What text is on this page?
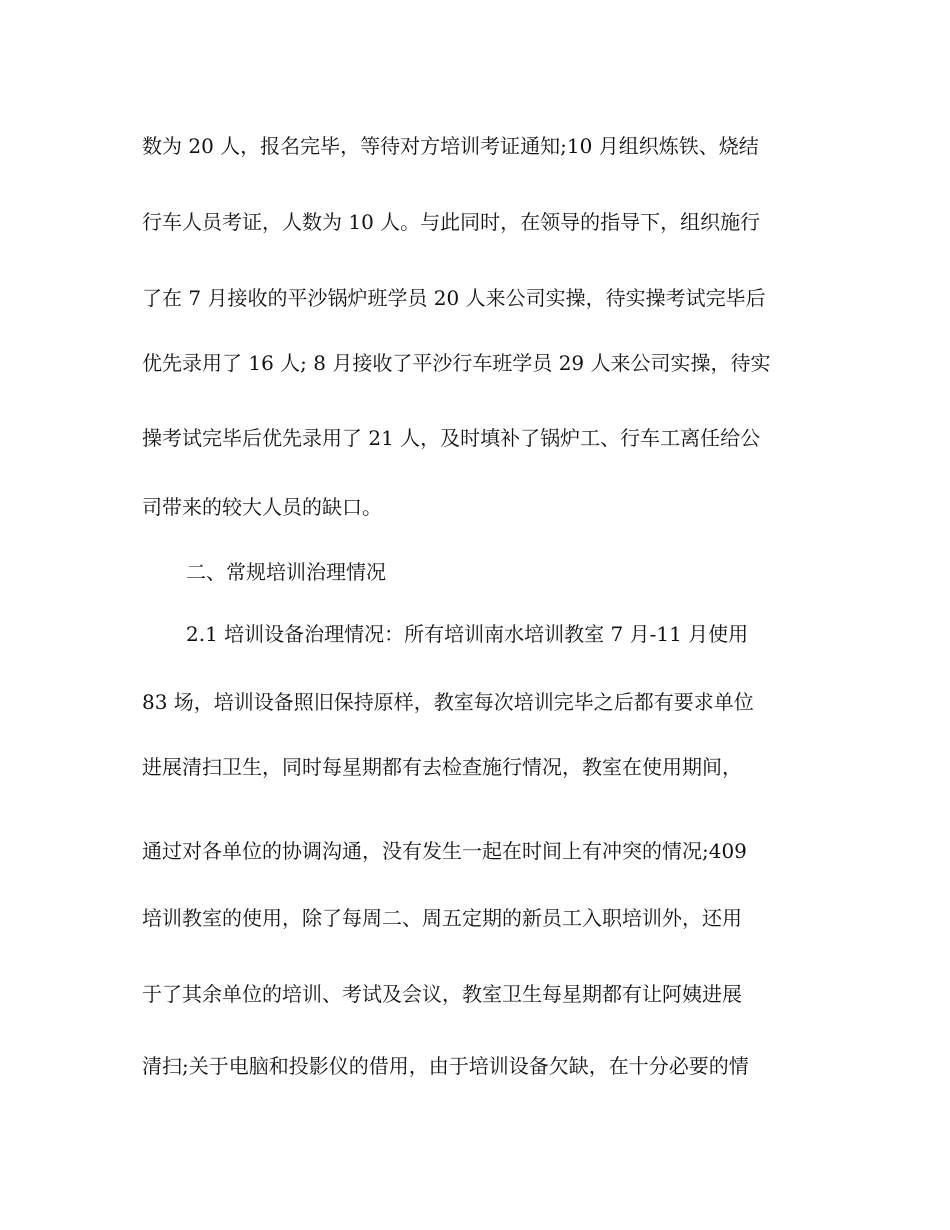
数为 20 人，报名完毕，等待对方培训考证通知;10 月组织炼铁、烧结
行车人员考证，人数为 10 人。与此同时，在领导的指导下，组织施行
了在 7 月接收的平沙锅炉班学员 20 人来公司实操，待实操考试完毕后
优先录用了 16 人; 8 月接收了平沙行车班学员 29 人来公司实操，待实
操考试完毕后优先录用了 21 人，及时填补了锅炉工、行车工离任给公
司带来的较大人员的缺口。
二、常规培训治理情况
2.1 培训设备治理情况：所有培训南水培训教室 7 月-11 月使用
83 场，培训设备照旧保持原样，教室每次培训完毕之后都有要求单位
进展清扫卫生，同时每星期都有去检查施行情况，教室在使用期间，
通过对各单位的协调沟通，没有发生一起在时间上有冲突的情况;409
培训教室的使用，除了每周二、周五定期的新员工入职培训外，还用
于了其余单位的培训、考试及会议，教室卫生每星期都有让阿姨进展
清扫;关于电脑和投影仪的借用，由于培训设备欠缺，在十分必要的情
